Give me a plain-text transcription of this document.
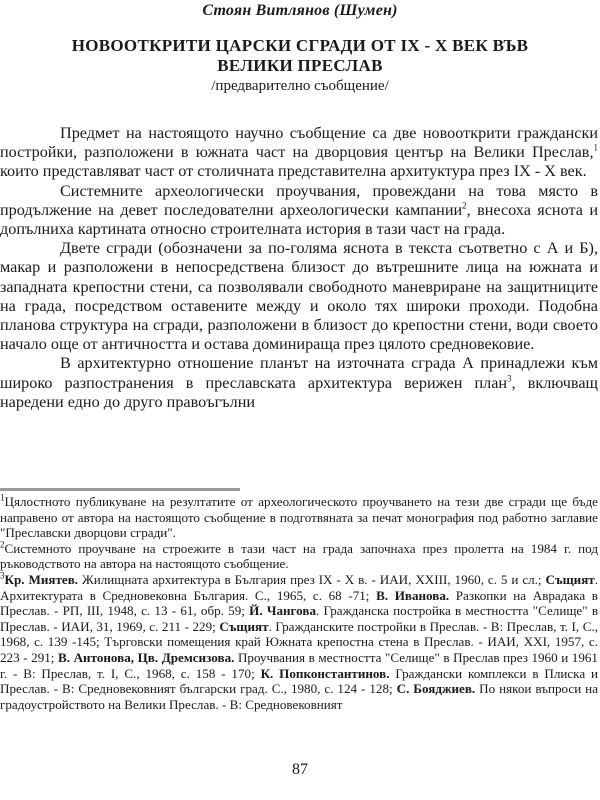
Стоян Витлянов (Шумен)
НОВООТКРИТИ ЦАРСКИ СГРАДИ ОТ IX - X ВЕК ВЪВ
ВЕЛИКИ ПРЕСЛАВ
/предварително съобщение/

Предмет на настоящото научно съобщение са две новооткрити граждански постройки, разположени в южната част на дворцовия център на Велики Преслав,$^1$ които представляват част от столичната представителна архитуктура през IX - X век.

Системните археологически проучвания, провеждани на това място в продължение на девет последователни археологически кампании$^2$, внесоха яснота и допълниха картината относно строителната история в тази част на града.

Двете сгради (обозначени за по-голяма яснота в текста съответно с А и Б), макар и разположени в непосредствена близост до вътрешните лица на южната и западната крепостни стени, са позволявали свободното маневриране на защитниците на града, посредством оставените между и около тях широки проходи. Подобна планова структура на сгради, разположени в близост до крепостни стени, води своето начало още от античността и остава доминираща през цялото средновековие.

В архитектурно отношение планът на източната сграда А принадлежи към широко разпостранения в преславската архитектура верижен план$^3$, включващ наредени едно до друго правоъгълни

$^1$Цялостното публикуване на резултатите от археологическото проучването на тези две сгради ще бъде направено от автора на настоящото съобщение в подготвяната за печат монография под работно заглавие "Преславски дворцови сгради".

$^2$Системното проучване на строежите в тази част на града започнаха през пролетта на 1984 г. под ръководството на автора на настоящото съобщение.

$^3$Кр. Миятев. Жилищната архитектура в България през IX - X в. - ИАИ, XXIII, 1960, с. 5 и сл.; Същият. Архитектурата в Средновековна България. С., 1965, с. 68 -71; В. Иванова. Разкопки на Аврадака в Преслав. - РП, III, 1948, с. 13 - 61, обр. 59; Й. Чангова. Гражданска постройка в местността "Селище" в Преслав. - ИАИ, 31, 1969, с. 211 - 229; Същият. Гражданските постройки в Преслав. - В: Преслав, т. I, С., 1968, с. 139 -145; Търговски помещения край Южната крепостна стена в Преслав. - ИАИ, XXI, 1957, с. 223 - 291; В. Антонова, Цв. Дремсизова. Проучвания в местността "Селище" в Преслав през 1960 и 1961 г. - В: Преслав, т. I, С., 1968, с. 158 - 170; К. Попконстантинов. Граждански комплекси в Плиска и Преслав. - В: Средновековният български град. С., 1980, с. 124 - 128; С. Бояджиев. По някои въпроси на градоустройството на Велики Преслав. - В: Средновековният

87
